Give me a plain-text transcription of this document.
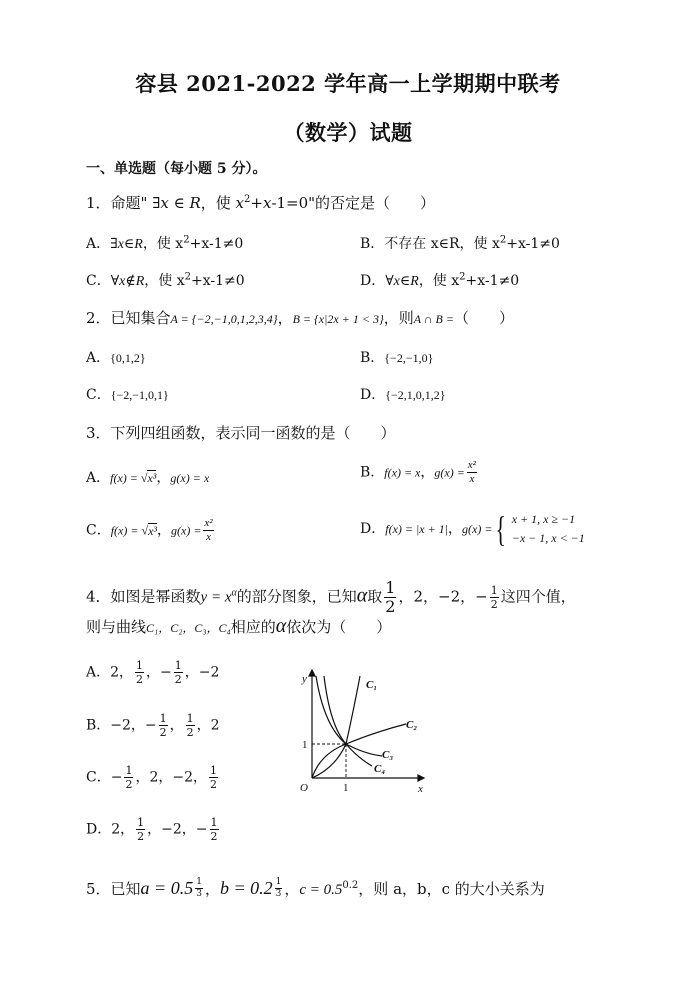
容县 2021-2022 学年高一上学期期中联考
（数学）试题
一、单选题（每小题 5 分）。
1．命题" ∃x ∈ R，使 $x^2+x-1=0$"的否定是（　　）
A．∃x∈R，使 $x^2+x-1\ne 0$	B．不存在 x∈R，使 $x^2+x-1\ne 0$
C．∀x∉R，使 $x^2+x-1\ne 0$	D．∀x∈R，使 $x^2+x-1\ne 0$
2．已知集合A = {−2,−1,0,1,2,3,4}，B = {x|2x + 1 < 3}，则A ∩ B =（　　）
A．{0,1,2}	B．{−2,−1,0}
C．{−2,−1,0,1}	D．{−2,1,0,1,2}
3．下列四组函数，表示同一函数的是（　　）
A．f(x) = √x³，g(x) = x	B．f(x) = x，$g(x) = \frac{\text{x²}}{x}$
C．f(x) = √x³，$g(x) = \frac{\text{x²}}{x}$	D．f(x) = |x + 1|，g(x) ={ x + 1, x ≥ −1
−x − 1, x < −1
4．如图是幂函数$y = x^\alpha$的部分图象，已知α取 $\frac{1}{2}$ ，2，−2，− $\frac{1}{2}$ 这四个值，
则与曲线C₁，C₂，C₃，C₄相应的α依次为（　　）
A．2， $\frac{1}{2}$ ，− $\frac{1}{2}$ ，−2
B．−2，− $\frac{1}{2}$ ， $\frac{1}{2}$ ，2
C．− $\frac{1}{2}$ ，2，−2， $\frac{1}{2}$
D．2， $\frac{1}{2}$ ，−2，− $\frac{1}{2}$
y
x
O	1
1
C₁
C₂
C₃
C₄
5．已知$a = 0.5 \frac{1}{3}$ ，$b = 0.2 \frac{1}{3}$ ，$c = 0.5^{0.2}$，则 a，b，c 的大小关系为
